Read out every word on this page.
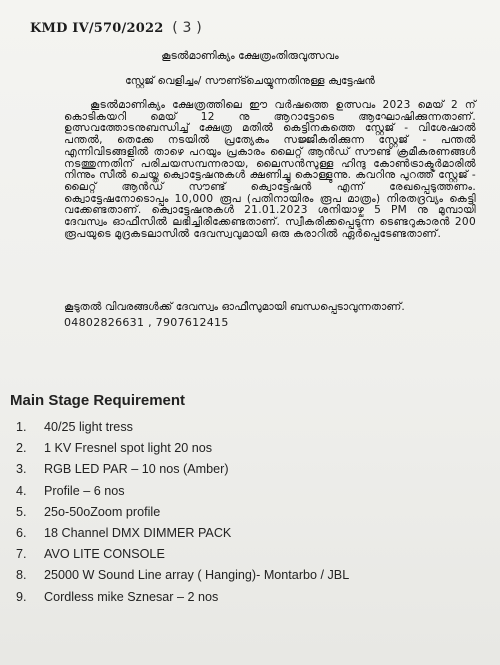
KMD IV/570/2022 ( 3 )
കൂടൽമാണിക്യം ക്ഷേത്രംതിരുവുത്സവം
സ്റ്റേജ് വെളിച്ചം/ സൗണ്ട്ചെയ്യുന്നതിനുള്ള ക്വട്ടേഷൻ
കൂടൽമാണിക്യം ക്ഷേത്രത്തിലെ ഈ വർഷത്തെ ഉത്സവം 2023 മെയ് 2 ന് കൊടികയറി മെയ് 12 നു ആറാട്ടോടെ ആഘോഷിക്കുന്നതാണ്. ഉത്സവത്തോടനുബന്ധിച്ച് ക്ഷേത്ര മതിൽ കെട്ടിനകത്തെ സ്റ്റേജ് - വിശേഷാൽ പന്തൽ, തെക്കേ നടയിൽ പ്രത്യേകം സജ്ജീകരിക്കുന്ന സ്റ്റേജ് - പന്തൽ എന്നിവിടങ്ങളിൽ താഴെ പറയും പ്രകാരം ലൈറ്റ് ആൻഡ് സൗണ്ട് ക്രമീകരണങ്ങൾ നടത്തുന്നതിന് പരിചയസമ്പന്നരായ, ലൈസൻസുള്ള ഹിന്ദു കോൺട്രാക്ടർമാരിൽ നിന്നും സീൽ ചെയ്ത ക്വൊട്ടേഷനുകൾ ക്ഷണിച്ചു കൊള്ളുന്നു. കവറിനു പുറത്ത് സ്റ്റേജ് - ലൈറ്റ് ആൻഡ് സൗണ്ട് ക്വൊട്ടേഷൻ എന്ന് രേഖപ്പെടുത്തണം. ക്വൊട്ടേഷനോടൊപ്പം 10,000 രൂപ (പതിനായിരം രൂപ മാത്രം) നിരതദ്രവ്യം കെട്ടി വക്കേണ്ടതാണ്. ക്വൊട്ടേഷനുകൾ 21.01.2023 ശനിയാഴ്ച 5 PM നു മുമ്പായി ദേവസ്വം ഓഫീസിൽ ലഭിച്ചിരിക്കേണ്ടതാണ്. സ്വീകരിക്കപ്പെടുന്ന ടെണ്ടറുകാരൻ 200 രൂപയുടെ മുദ്രകടലാസിൽ ദേവസ്വവുമായി ഒരു കരാറിൽ ഏർപ്പെടേണ്ടതാണ്.
കൂടുതൽ വിവരങ്ങൾക്ക് ദേവസ്വം ഓഫീസുമായി ബന്ധപ്പെടാവുന്നതാണ്.
04802826631 , 7907612415
Main Stage Requirement
1. 40/25 light tress
2. 1 KV Fresnel spot light 20 nos
3. RGB LED PAR – 10 nos (Amber)
4. Profile – 6 nos
5. 25o-50oZoom profile
6. 18 Channel DMX DIMMER PACK
7. AVO LITE CONSOLE
8. 25000 W Sound Line array ( Hanging)- Montarbo / JBL
9. Cordless mike Sznesar – 2 nos
